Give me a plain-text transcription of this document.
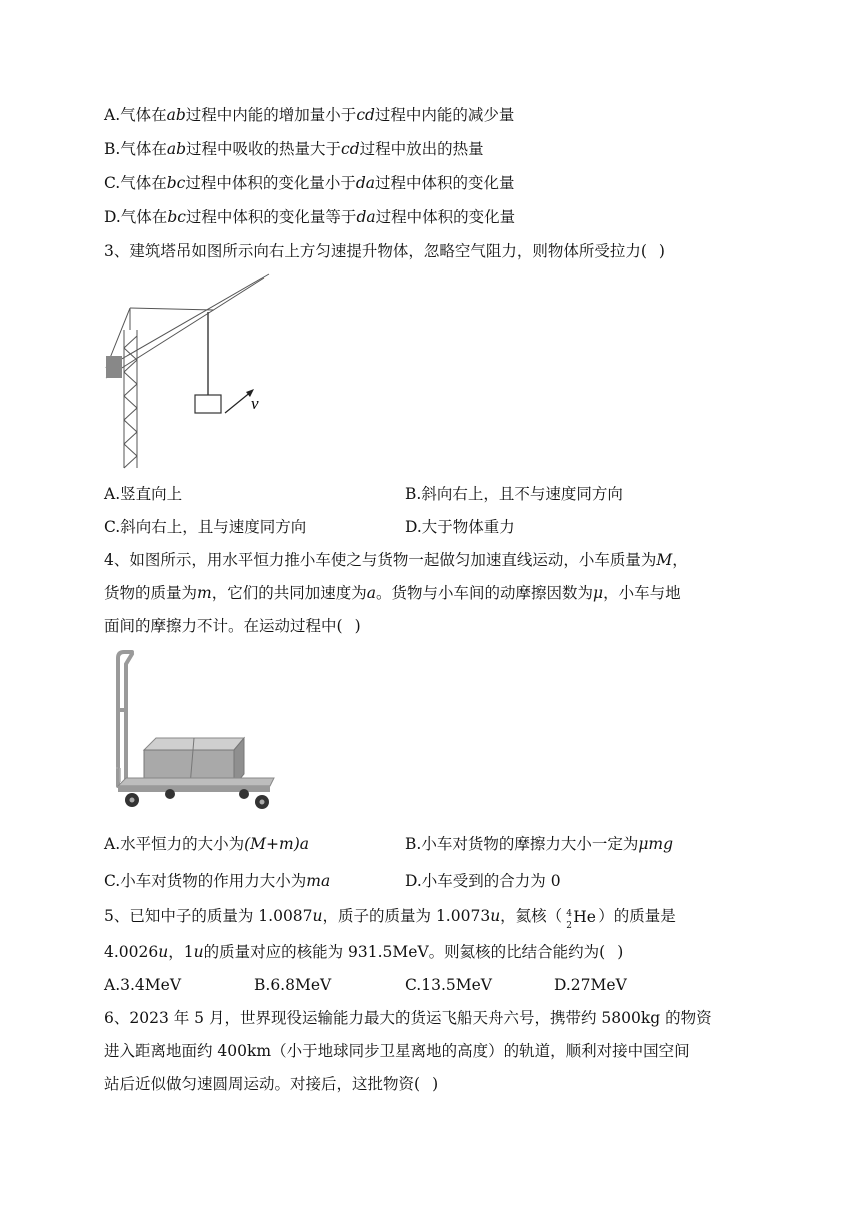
A.气体在ab过程中内能的增加量小于cd过程中内能的减少量
B.气体在ab过程中吸收的热量大于cd过程中放出的热量
C.气体在bc过程中体积的变化量小于da过程中体积的变化量
D.气体在bc过程中体积的变化量等于da过程中体积的变化量
3、建筑塔吊如图所示向右上方匀速提升物体，忽略空气阻力，则物体所受拉力( )
v
A.竖直向上	B.斜向右上，且不与速度同方向
C.斜向右上，且与速度同方向	D.大于物体重力
4、如图所示，用水平恒力推小车使之与货物一起做匀加速直线运动，小车质量为M，
货物的质量为m，它们的共同加速度为a。货物与小车间的动摩擦因数为μ，小车与地
面间的摩擦力不计。在运动过程中( )
A.水平恒力的大小为(M+m)a	B.小车对货物的摩擦力大小一定为μmg
C.小车对货物的作用力大小为ma	D.小车受到的合力为 0
5、已知中子的质量为 1.0087u，质子的质量为 1.0073u，氦核（ 4
2 He ）的质量是
4.0026u，1u的质量对应的核能为 931.5MeV。则氦核的比结合能约为( )
A.3.4MeV	B.6.8MeV	C.13.5MeV	D.27MeV
6、2023 年 5 月，世界现役运输能力最大的货运飞船天舟六号，携带约 5800kg 的物资
进入距离地面约 400km（小于地球同步卫星离地的高度）的轨道，顺利对接中国空间
站后近似做匀速圆周运动。对接后，这批物资( )
